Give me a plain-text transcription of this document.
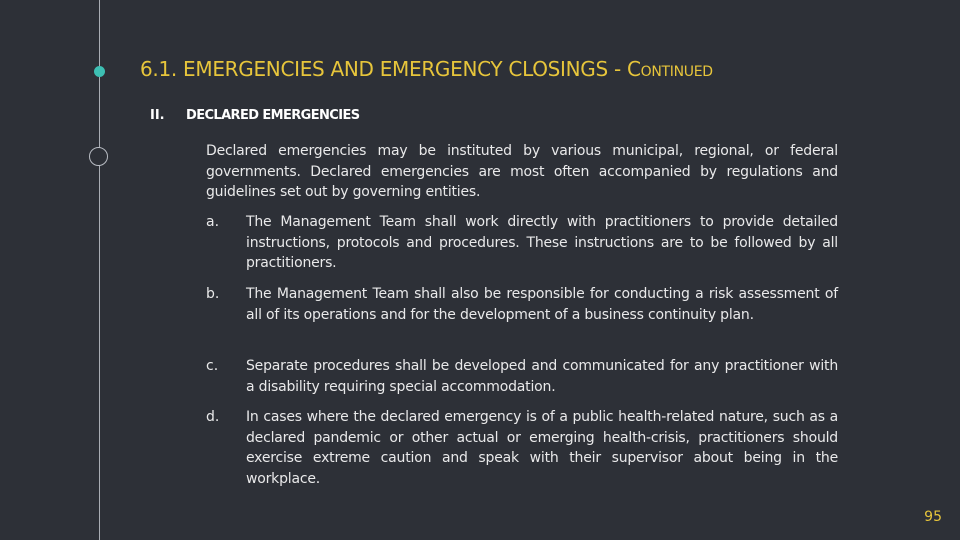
6.1. EMERGENCIES AND EMERGENCY CLOSINGS - Continued
II. DECLARED EMERGENCIES
Declared emergencies may be instituted by various municipal, regional, or federal governments. Declared emergencies are most often accompanied by regulations and guidelines set out by governing entities.
a. The Management Team shall work directly with practitioners to provide detailed instructions, protocols and procedures. These instructions are to be followed by all practitioners.
b. The Management Team shall also be responsible for conducting a risk assessment of all of its operations and for the development of a business continuity plan.
c. Separate procedures shall be developed and communicated for any practitioner with a disability requiring special accommodation.
d. In cases where the declared emergency is of a public health-related nature, such as a declared pandemic or other actual or emerging health-crisis, practitioners should exercise extreme caution and speak with their supervisor about being in the workplace.
95
